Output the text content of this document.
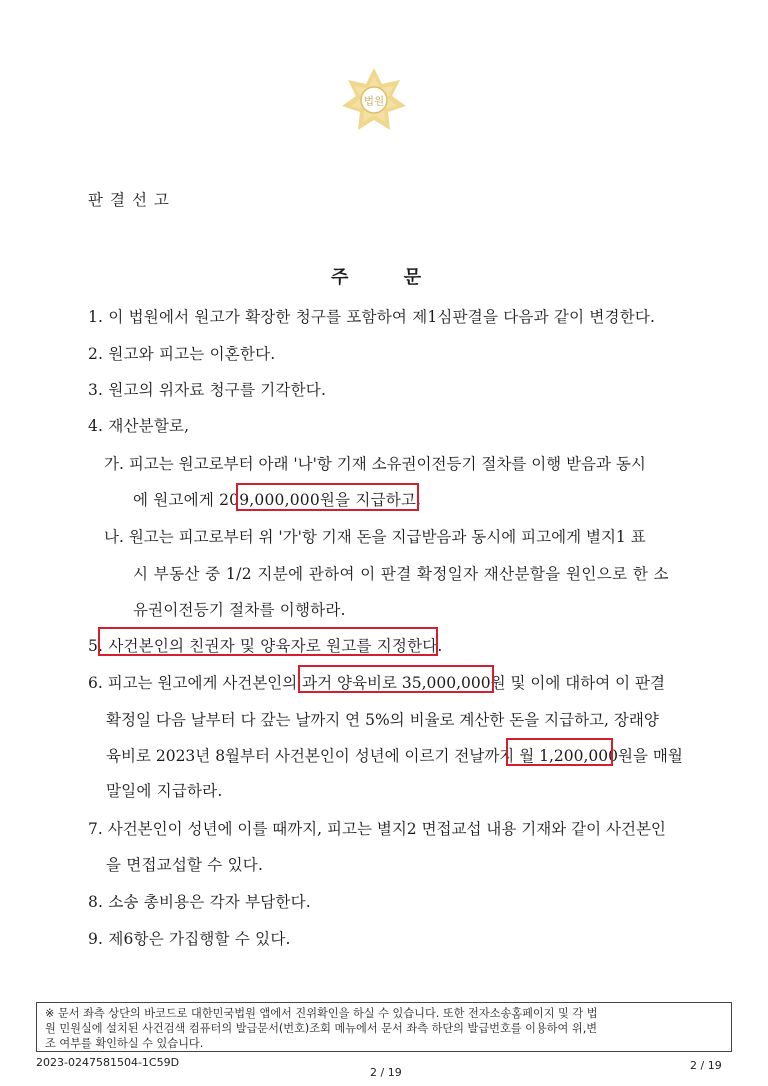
법원
판결선고
주	문
1. 이 법원에서 원고가 확장한 청구를 포함하여 제1심판결을 다음과 같이 변경한다.
2. 원고와 피고는 이혼한다.
3. 원고의 위자료 청구를 기각한다.
4. 재산분할로,
가. 피고는 원고로부터 아래 '나'항 기재 소유권이전등기 절차를 이행 받음과 동시
에 원고에게 209,000,000원을 지급하고,
나. 원고는 피고로부터 위 '가'항 기재 돈을 지급받음과 동시에 피고에게 별지1 표
시 부동산 중 1/2 지분에 관하여 이 판결 확정일자 재산분할을 원인으로 한 소
유권이전등기 절차를 이행하라.
5. 사건본인의 친권자 및 양육자로 원고를 지정한다.
6. 피고는 원고에게 사건본인의 과거 양육비로 35,000,000원 및 이에 대하여 이 판결
확정일 다음 날부터 다 갚는 날까지 연 5%의 비율로 계산한 돈을 지급하고, 장래양
육비로 2023년 8월부터 사건본인이 성년에 이르기 전날까지 월 1,200,000원을 매월
말일에 지급하라.
7. 사건본인이 성년에 이를 때까지, 피고는 별지2 면접교섭 내용 기재와 같이 사건본인
을 면접교섭할 수 있다.
8. 소송 총비용은 각자 부담한다.
9. 제6항은 가집행할 수 있다.
※ 문서 좌측 상단의 바코드로 대한민국법원 앱에서 진위확인을 하실 수 있습니다. 또한 전자소송홈페이지 및 각 법
원 민원실에 설치된 사건검색 컴퓨터의 발급문서(번호)조회 메뉴에서 문서 좌측 하단의 발급번호를 이용하여 위,변
조 여부를 확인하실 수 있습니다.
2023-0247581504-1C59D
2 / 19
2 / 19
